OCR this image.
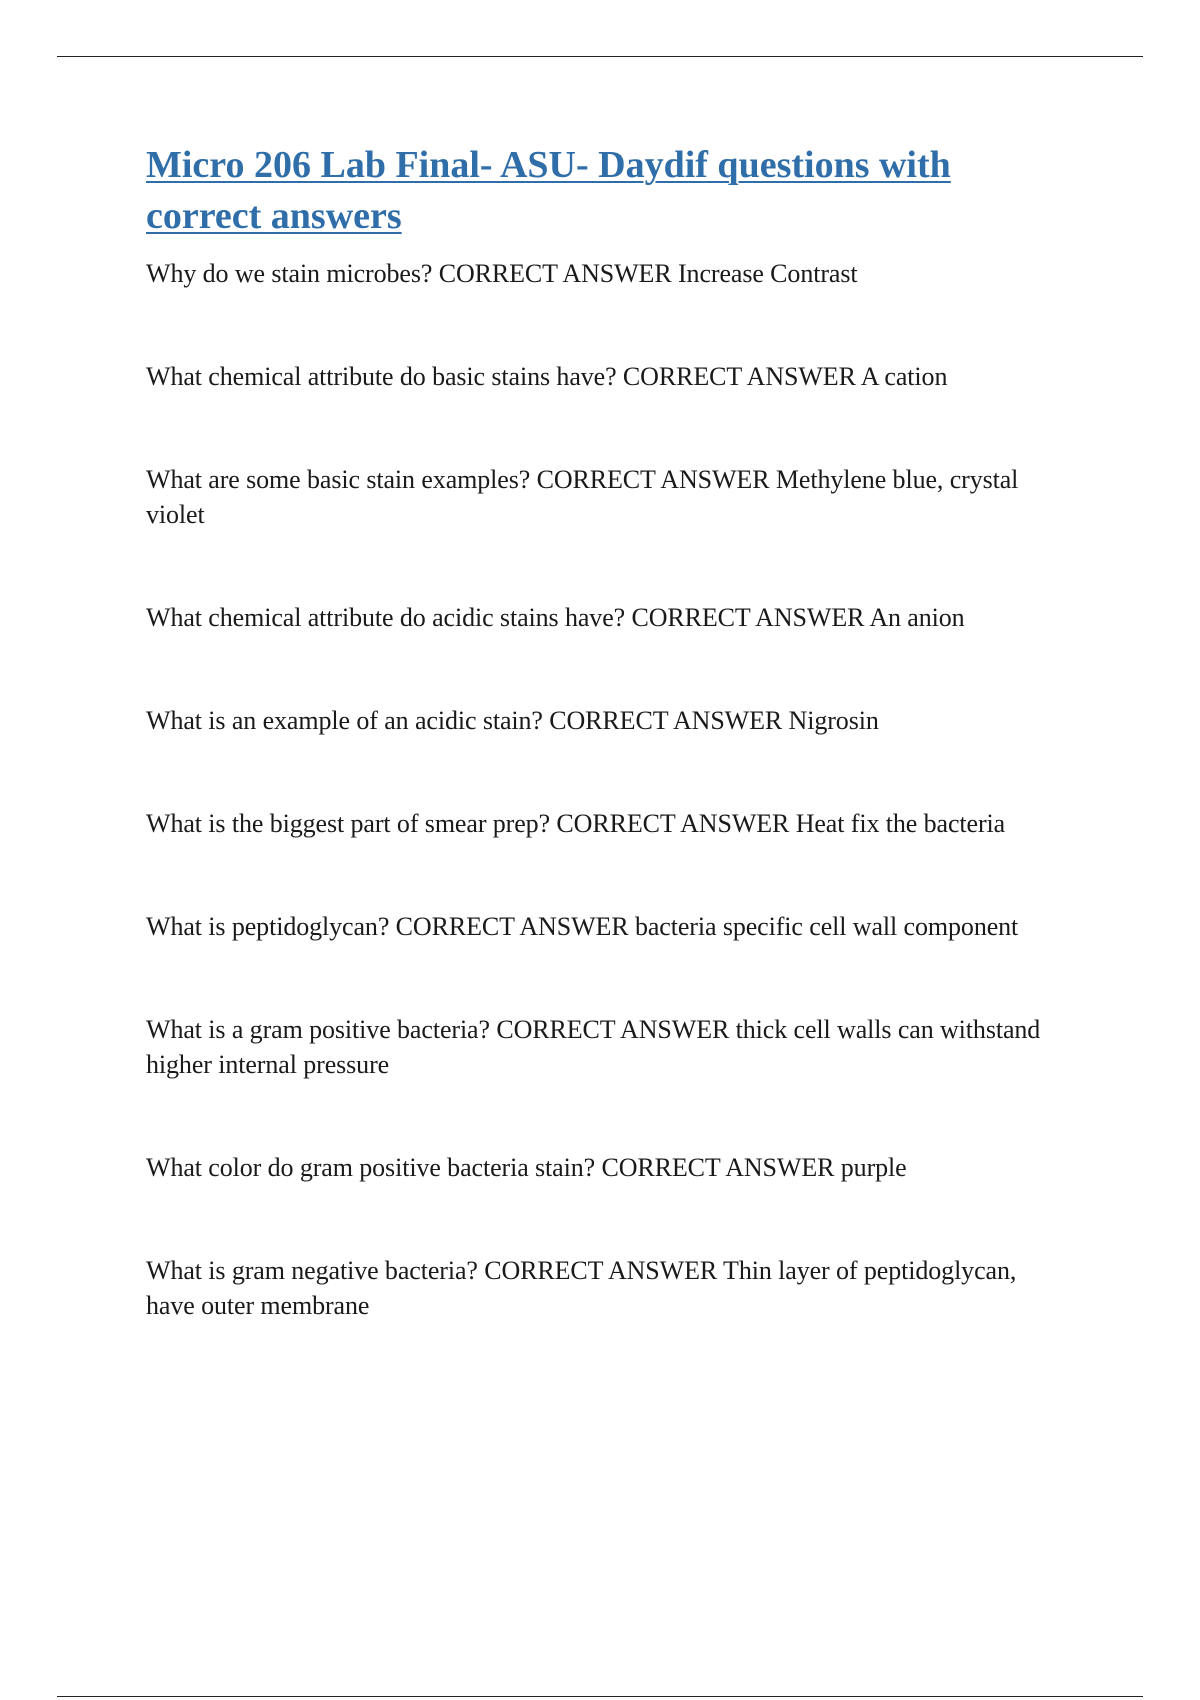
Micro 206 Lab Final- ASU- Daydif questions with correct answers
Why do we stain microbes? CORRECT ANSWER Increase Contrast
What chemical attribute do basic stains have? CORRECT ANSWER A cation
What are some basic stain examples? CORRECT ANSWER Methylene blue, crystal violet
What chemical attribute do acidic stains have? CORRECT ANSWER An anion
What is an example of an acidic stain? CORRECT ANSWER Nigrosin
What is the biggest part of smear prep? CORRECT ANSWER Heat fix the bacteria
What is peptidoglycan? CORRECT ANSWER bacteria specific cell wall component
What is a gram positive bacteria? CORRECT ANSWER thick cell walls can withstand higher internal pressure
What color do gram positive bacteria stain? CORRECT ANSWER purple
What is gram negative bacteria? CORRECT ANSWER Thin layer of peptidoglycan, have outer membrane
